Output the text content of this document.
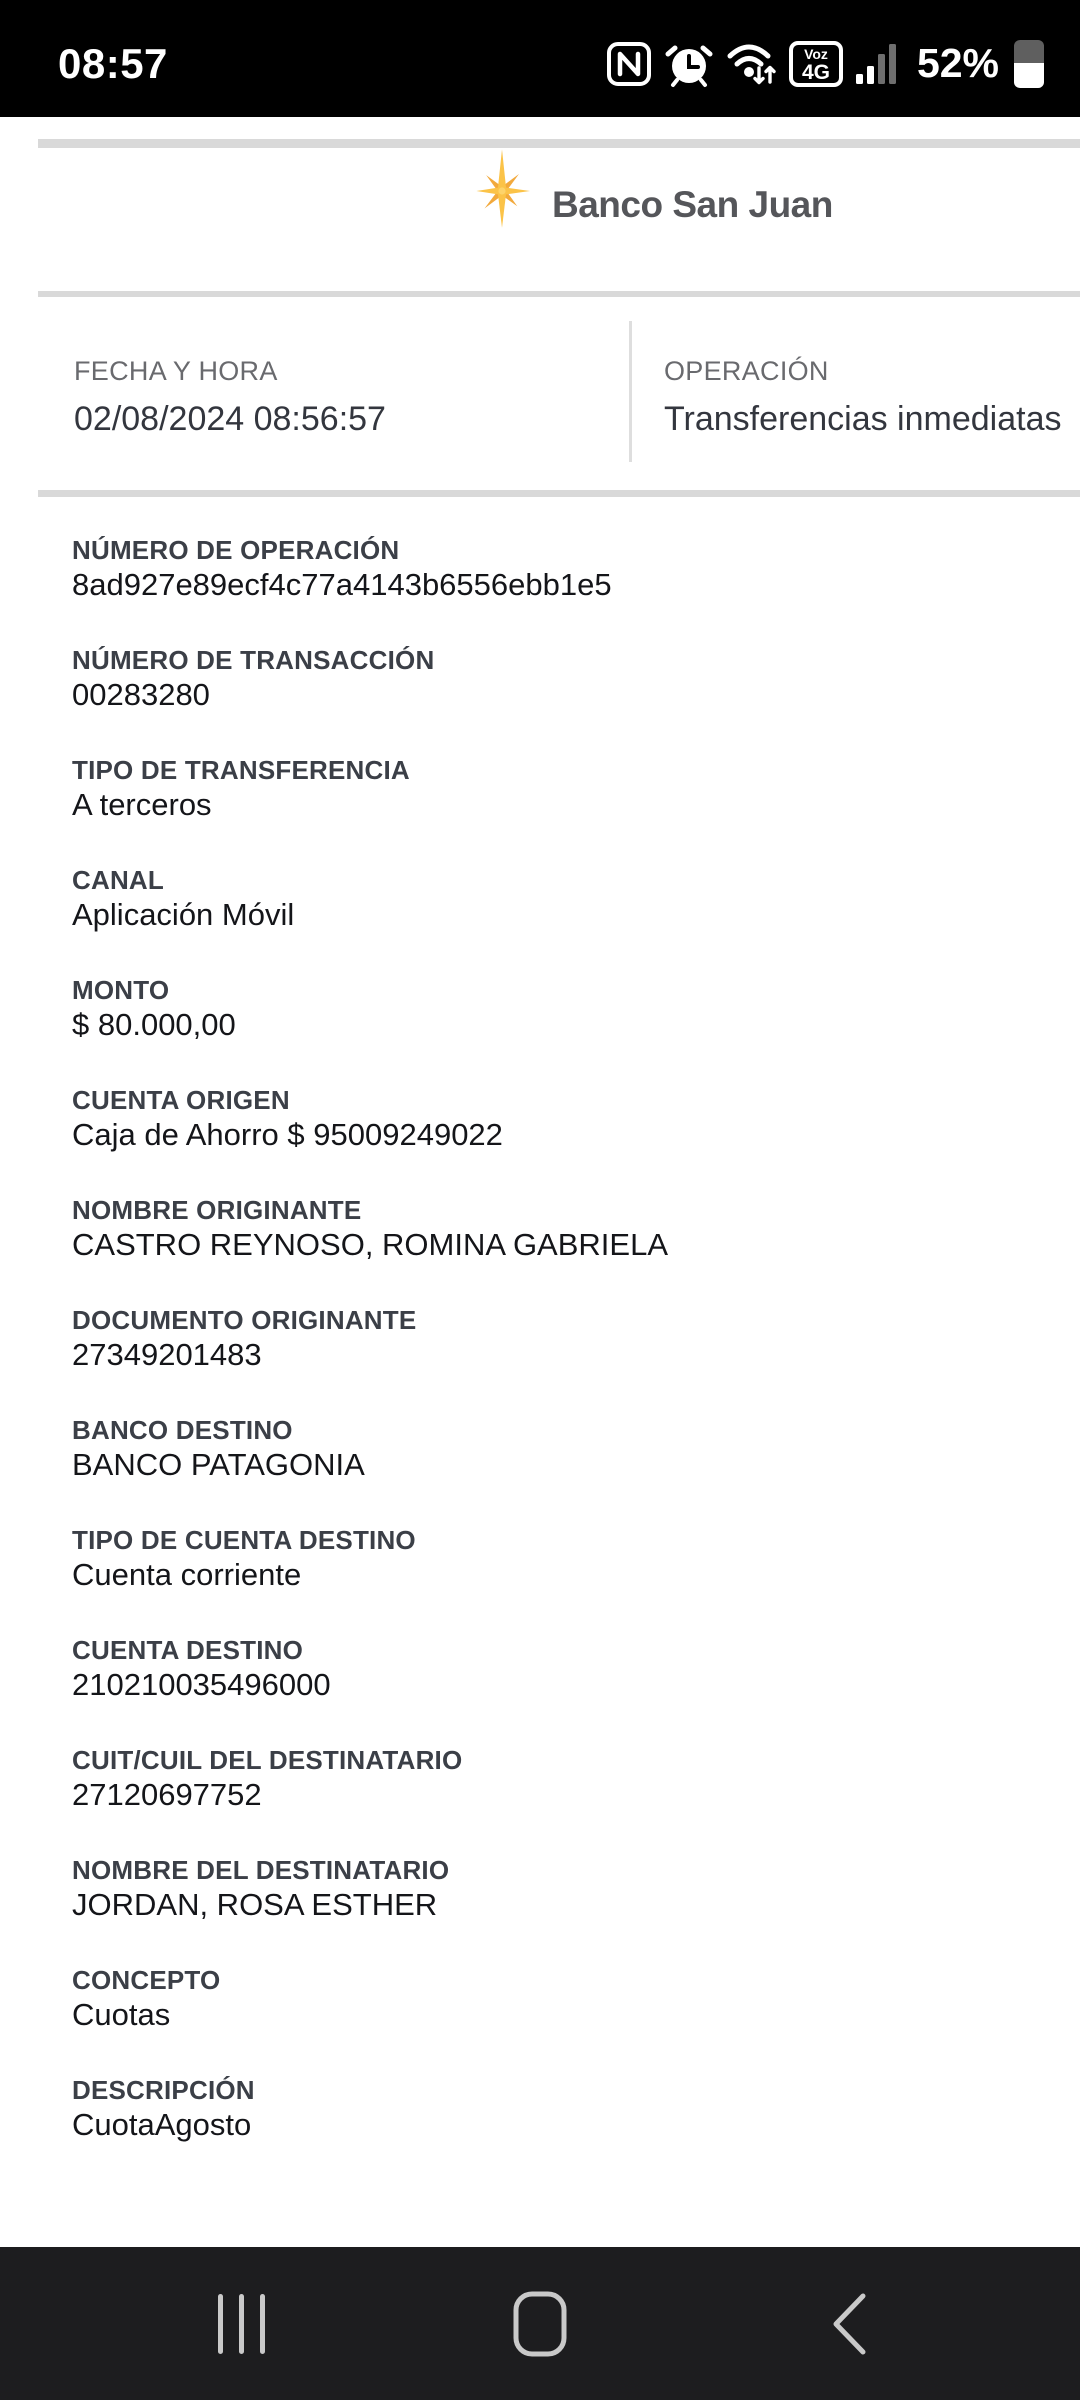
08:57	Voz
4G 52%
Banco San Juan
FECHA Y HORA
02/08/2024 08:56:57
OPERACIÓN
Transferencias inmediatas
NÚMERO DE OPERACIÓN
8ad927e89ecf4c77a4143b6556ebb1e5
NÚMERO DE TRANSACCIÓN
00283280
TIPO DE TRANSFERENCIA
A terceros
CANAL
Aplicación Móvil
MONTO
$ 80.000,00
CUENTA ORIGEN
Caja de Ahorro $ 95009249022
NOMBRE ORIGINANTE
CASTRO REYNOSO, ROMINA GABRIELA
DOCUMENTO ORIGINANTE
27349201483
BANCO DESTINO
BANCO PATAGONIA
TIPO DE CUENTA DESTINO
Cuenta corriente
CUENTA DESTINO
210210035496000
CUIT/CUIL DEL DESTINATARIO
27120697752
NOMBRE DEL DESTINATARIO
JORDAN, ROSA ESTHER
CONCEPTO
Cuotas
DESCRIPCIÓN
CuotaAgosto
